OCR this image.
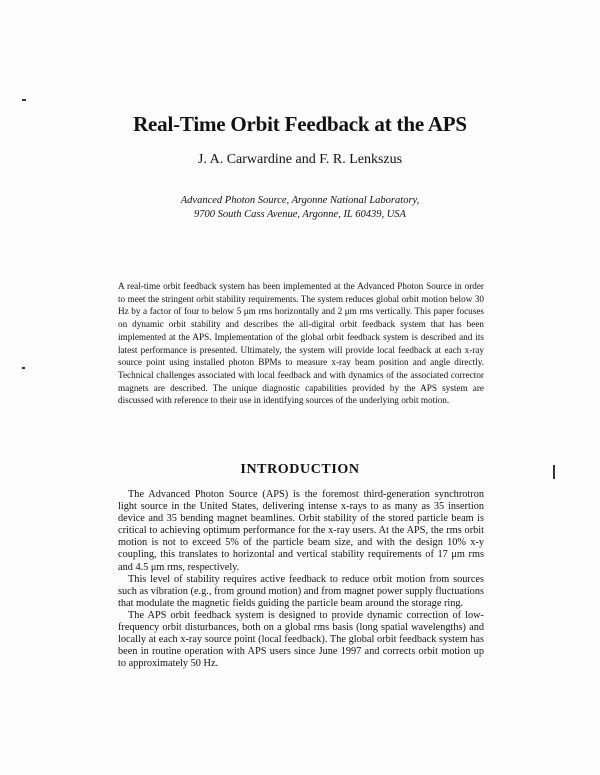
Real-Time Orbit Feedback at the APS
J. A. Carwardine and F. R. Lenkszus
Advanced Photon Source, Argonne National Laboratory, 9700 South Cass Avenue, Argonne, IL 60439, USA
A real-time orbit feedback system has been implemented at the Advanced Photon Source in order to meet the stringent orbit stability requirements. The system reduces global orbit motion below 30 Hz by a factor of four to below 5 μm rms horizontally and 2 μm rms vertically. This paper focuses on dynamic orbit stability and describes the all-digital orbit feedback system that has been implemented at the APS. Implementation of the global orbit feedback system is described and its latest performance is presented. Ultimately, the system will provide local feedback at each x-ray source point using installed photon BPMs to measure x-ray beam position and angle directly. Technical challenges associated with local feedback and with dynamics of the associated corrector magnets are described. The unique diagnostic capabilities provided by the APS system are discussed with reference to their use in identifying sources of the underlying orbit motion.
INTRODUCTION

The Advanced Photon Source (APS) is the foremost third-generation synchrotron light source in the United States, delivering intense x-rays to as many as 35 insertion device and 35 bending magnet beamlines. Orbit stability of the stored particle beam is critical to achieving optimum performance for the x-ray users. At the APS, the rms orbit motion is not to exceed 5% of the particle beam size, and with the design 10% x-y coupling, this translates to horizontal and vertical stability requirements of 17 μm rms and 4.5 μm rms, respectively.

This level of stability requires active feedback to reduce orbit motion from sources such as vibration (e.g., from ground motion) and from magnet power supply fluctuations that modulate the magnetic fields guiding the particle beam around the storage ring.

The APS orbit feedback system is designed to provide dynamic correction of low-frequency orbit disturbances, both on a global rms basis (long spatial wavelengths) and locally at each x-ray source point (local feedback). The global orbit feedback system has been in routine operation with APS users since June 1997 and corrects orbit motion up to approximately 50 Hz.
